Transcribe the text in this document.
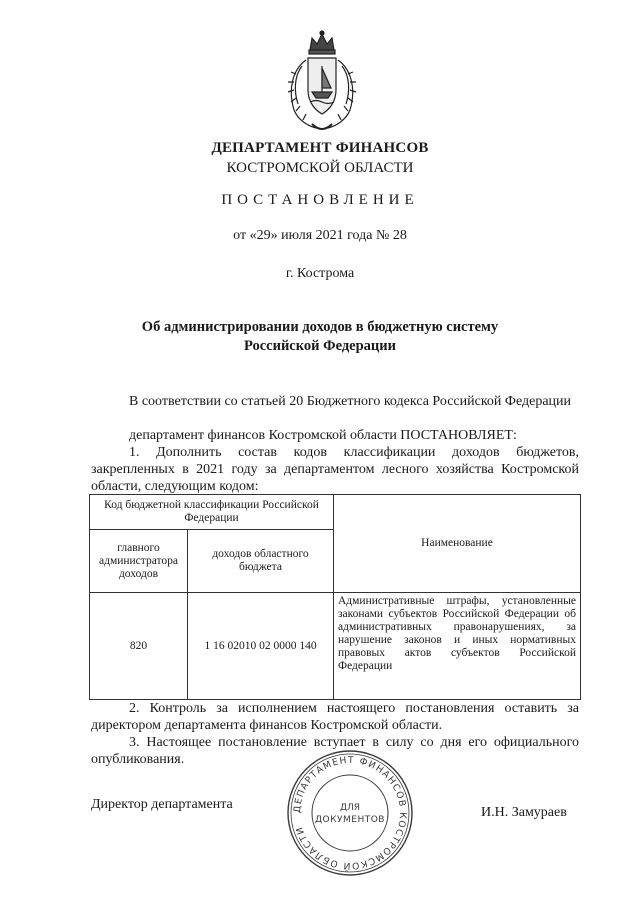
ДЕПАРТАМЕНТ ФИНАНСОВ
КОСТРОМСКОЙ ОБЛАСТИ
ПОСТАНОВЛЕНИЕ
от «29» июля 2021 года № 28
г. Кострома
Об администрировании доходов в бюджетную систему
Российской Федерации
В соответствии со статьей 20 Бюджетного кодекса Российской Федерации
департамент финансов Костромской области ПОСТАНОВЛЯЕТ:
1. Дополнить состав кодов классификации доходов бюджетов, закрепленных в 2021 году за департаментом лесного хозяйства Костромской области, следующим кодом:
Код бюджетной классификации Российской Федерации		Наименование
главного администратора доходов	доходов областного бюджета	
820	1 16 02010 02 0000 140	Административные штрафы, установленные законами субъектов Российской Федерации об административных правонарушениях, за нарушение законов и иных нормативных правовых актов субъектов Российской Федерации
2. Контроль за исполнением настоящего постановления оставить за директором департамента финансов Костромской области.
3. Настоящее постановление вступает в силу со дня его официального опубликования.
Директор департамента
И.Н. Замураев
ДЕПАРТАМЕНТ ФИНАНСОВ КОСТРОМСКОЙ ОБЛАСТИ
ДЛЯ
ДОКУМЕНТОВ
